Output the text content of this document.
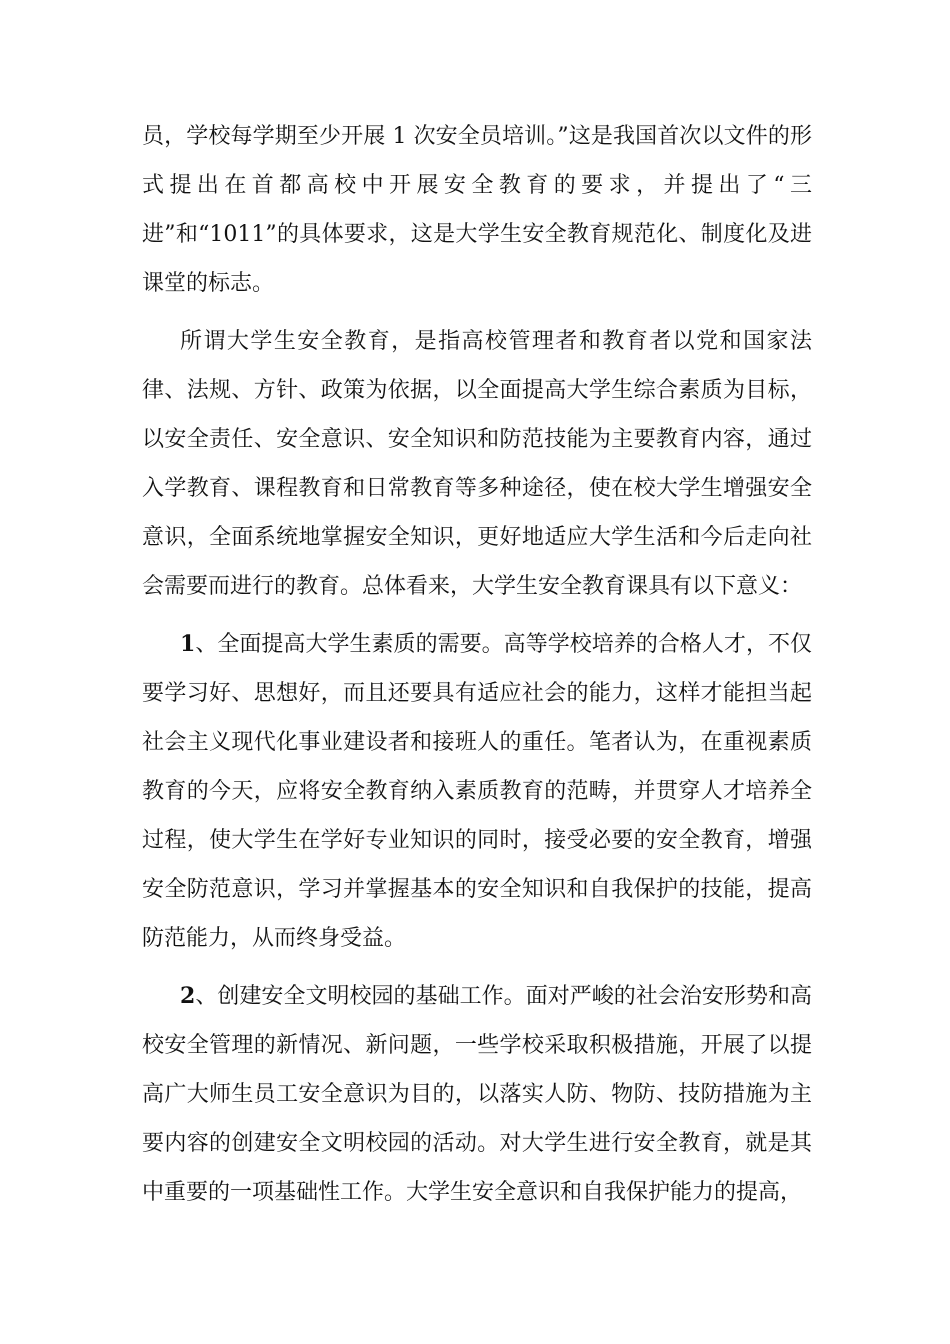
员，学校每学期至少开展 1 次安全员培训。”这是我国首次以文件的形式提出在首都高校中开展安全教育的要求，并提出了“三进”和“1011”的具体要求，这是大学生安全教育规范化、制度化及进课堂的标志。

所谓大学生安全教育，是指高校管理者和教育者以党和国家法律、法规、方针、政策为依据，以全面提高大学生综合素质为目标，以安全责任、安全意识、安全知识和防范技能为主要教育内容，通过入学教育、课程教育和日常教育等多种途径，使在校大学生增强安全意识，全面系统地掌握安全知识，更好地适应大学生活和今后走向社会需要而进行的教育。总体看来，大学生安全教育课具有以下意义：

1、全面提高大学生素质的需要。高等学校培养的合格人才，不仅要学习好、思想好，而且还要具有适应社会的能力，这样才能担当起社会主义现代化事业建设者和接班人的重任。笔者认为，在重视素质教育的今天，应将安全教育纳入素质教育的范畴，并贯穿人才培养全过程，使大学生在学好专业知识的同时，接受必要的安全教育，增强安全防范意识，学习并掌握基本的安全知识和自我保护的技能，提高防范能力，从而终身受益。

2、创建安全文明校园的基础工作。面对严峻的社会治安形势和高校安全管理的新情况、新问题，一些学校采取积极措施，开展了以提高广大师生员工安全意识为目的，以落实人防、物防、技防措施为主要内容的创建安全文明校园的活动。对大学生进行安全教育，就是其中重要的一项基础性工作。大学生安全意识和自我保护能力的提高，
